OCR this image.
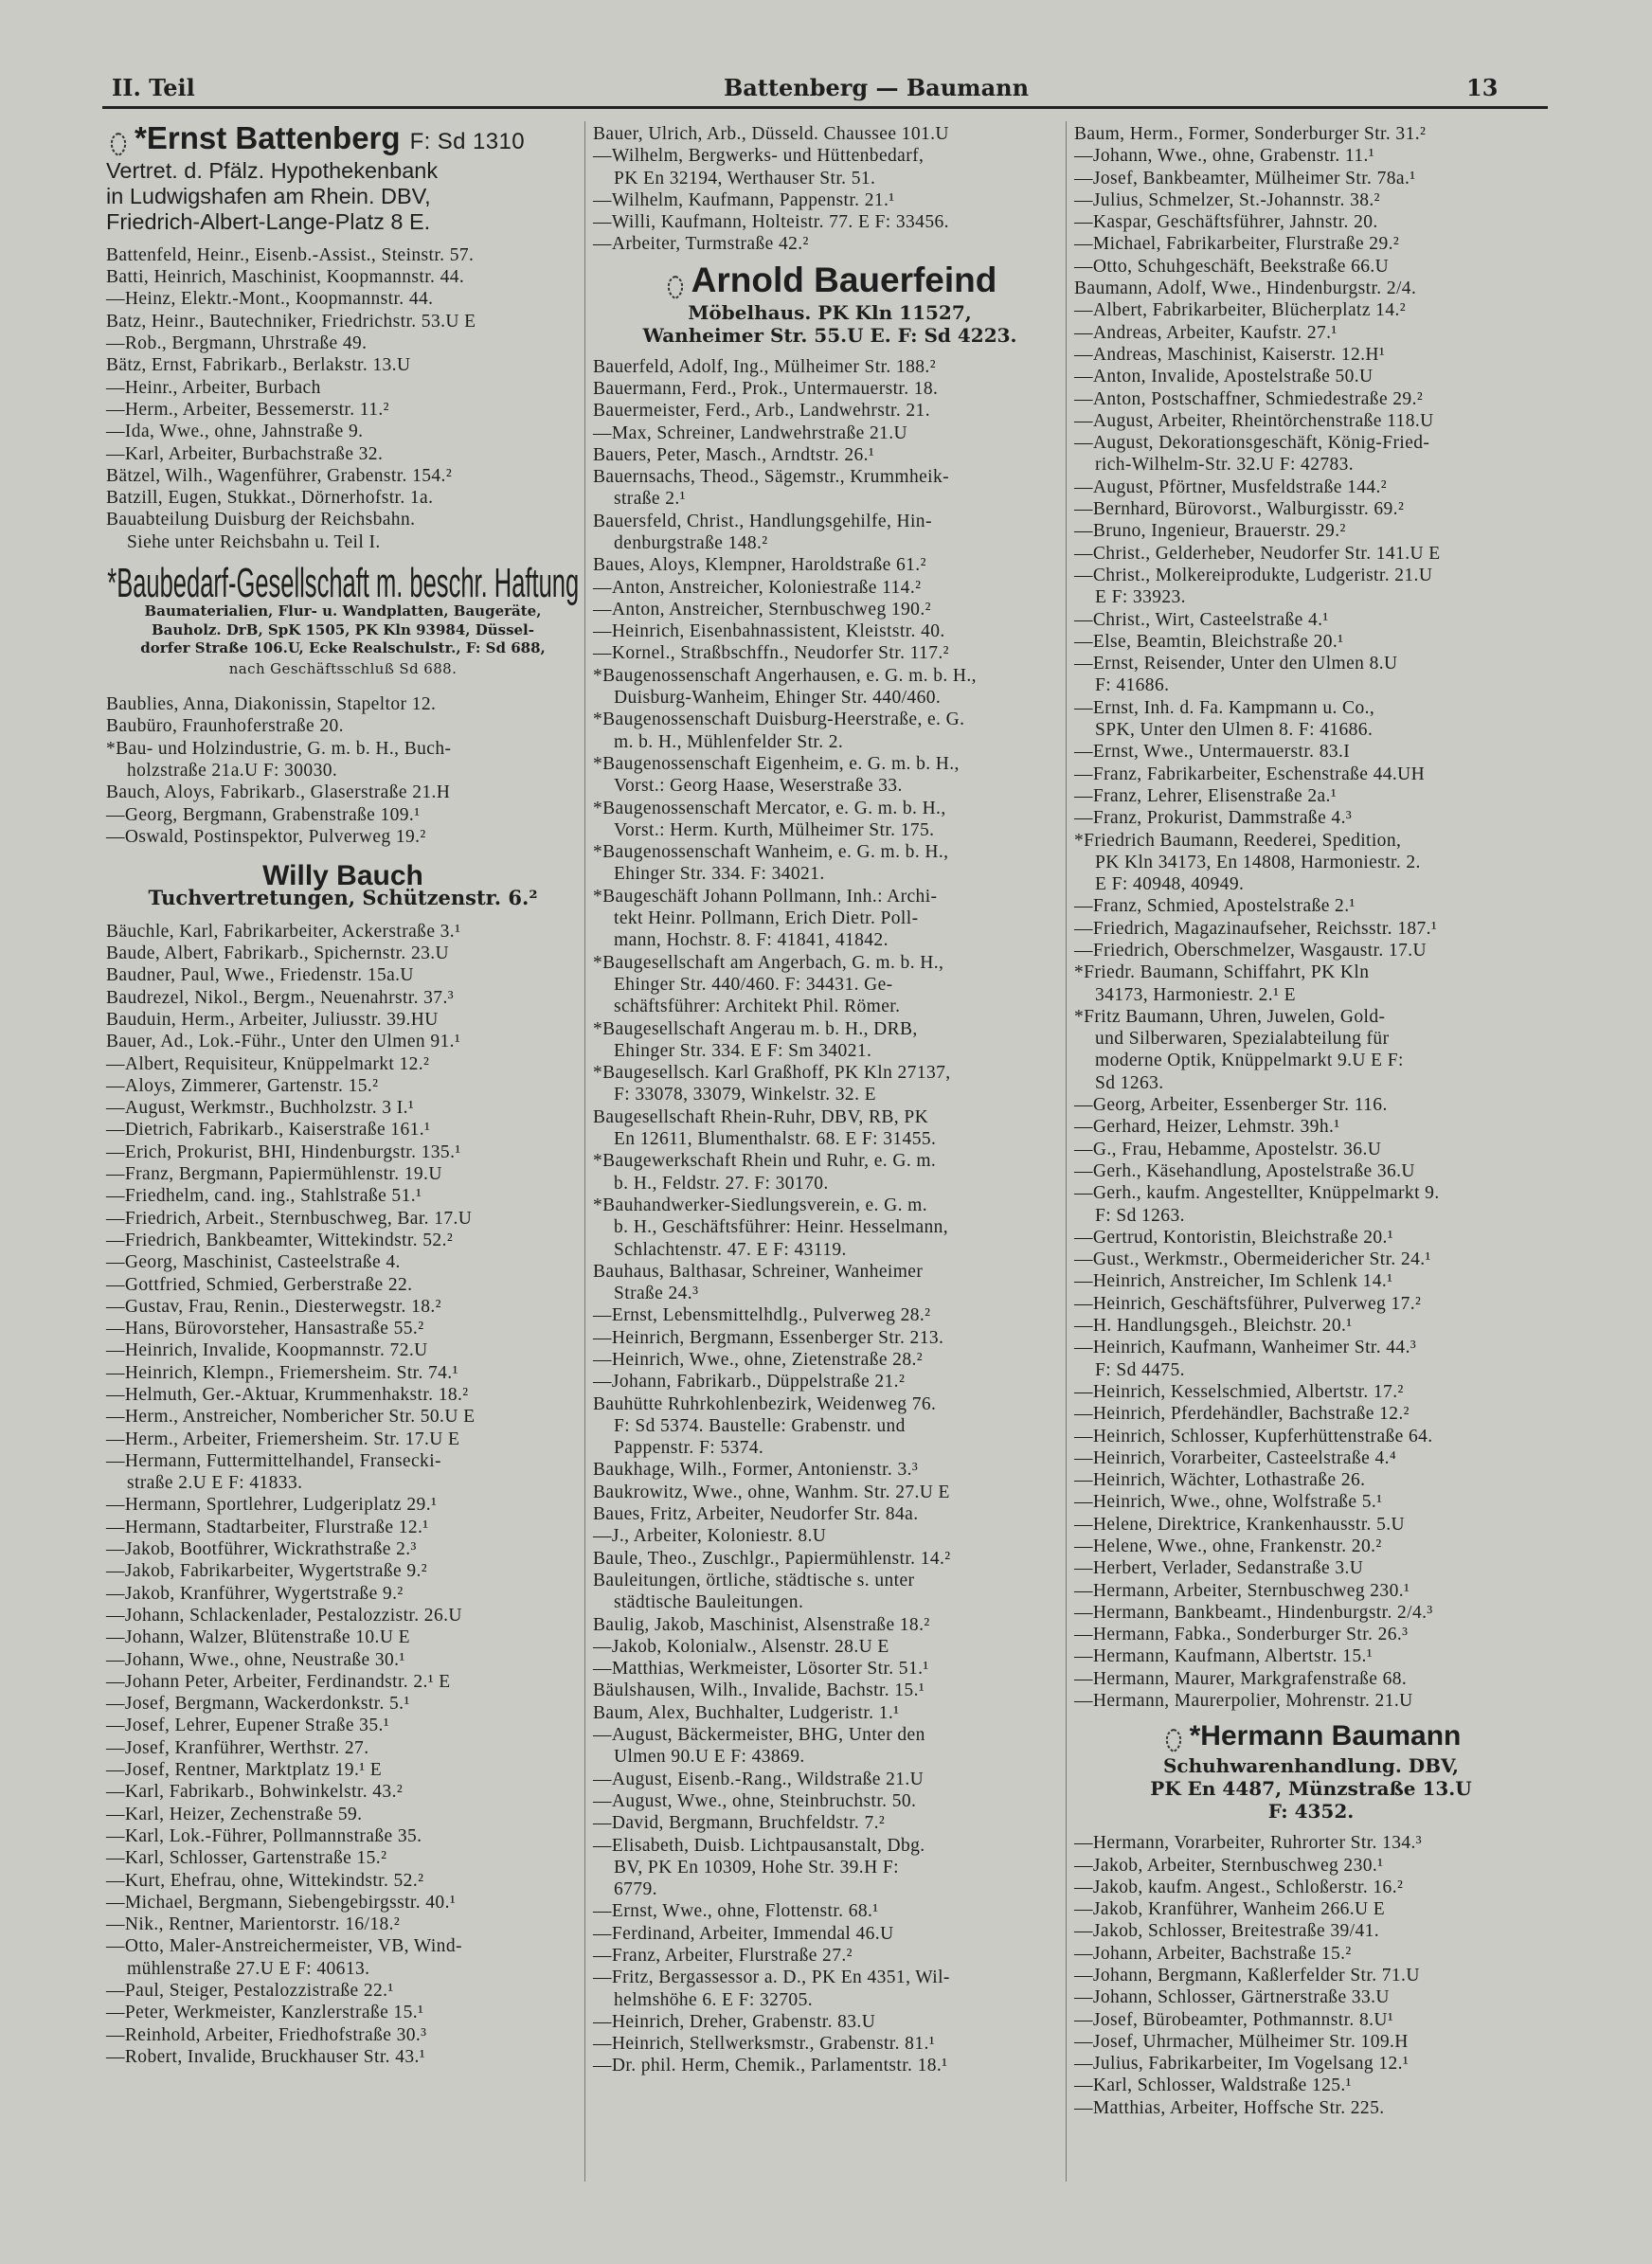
II. Teil	Battenberg — Baumann	13
*Ernst Battenberg F: Sd 1310
Vertret. d. Pfälz. Hypothekenbank
in Ludwigshafen am Rhein. DBV,
Friedrich-Albert-Lange-Platz 8 E.
Battenfeld, Heinr., Eisenb.-Assist., Steinstr. 57.
Batti, Heinrich, Maschinist, Koopmannstr. 44.
—Heinz, Elektr.-Mont., Koopmannstr. 44.
Batz, Heinr., Bautechniker, Friedrichstr. 53.U E
—Rob., Bergmann, Uhrstraße 49.
Bätz, Ernst, Fabrikarb., Berlakstr. 13.U
—Heinr., Arbeiter, Burbach
—Herm., Arbeiter, Bessemerstr. 11.²
—Ida, Wwe., ohne, Jahnstraße 9.
—Karl, Arbeiter, Burbachstraße 32.
Bätzel, Wilh., Wagenführer, Grabenstr. 154.²
Batzill, Eugen, Stukkat., Dörnerhofstr. 1a.
Bauabteilung Duisburg der Reichsbahn.
Siehe unter Reichsbahn u. Teil I.
*Baubedarf-Gesellschaft m. beschr. Haftung
Baumaterialien, Flur- u. Wandplatten, Baugeräte,
Bauholz. DrB, SpK 1505, PK Kln 93984, Düssel-
dorfer Straße 106.U, Ecke Realschulstr., F: Sd 688,
nach Geschäftsschluß Sd 688.
Baublies, Anna, Diakonissin, Stapeltor 12.
Baubüro, Fraunhoferstraße 20.
*Bau- und Holzindustrie, G. m. b. H., Buch-
holzstraße 21a.U F: 30030.
Bauch, Aloys, Fabrikarb., Glaserstraße 21.H
—Georg, Bergmann, Grabenstraße 109.¹
—Oswald, Postinspektor, Pulverweg 19.²
Willy Bauch
Tuchvertretungen, Schützenstr. 6.²
Bäuchle, Karl, Fabrikarbeiter, Ackerstraße 3.¹
Baude, Albert, Fabrikarb., Spichernstr. 23.U
Baudner, Paul, Wwe., Friedenstr. 15a.U
Baudrezel, Nikol., Bergm., Neuenahrstr. 37.³
Bauduin, Herm., Arbeiter, Juliusstr. 39.HU
Bauer, Ad., Lok.-Führ., Unter den Ulmen 91.¹
—Albert, Requisiteur, Knüppelmarkt 12.²
—Aloys, Zimmerer, Gartenstr. 15.²
—August, Werkmstr., Buchholzstr. 3 I.¹
—Dietrich, Fabrikarb., Kaiserstraße 161.¹
—Erich, Prokurist, BHI, Hindenburgstr. 135.¹
—Franz, Bergmann, Papiermühlenstr. 19.U
—Friedhelm, cand. ing., Stahlstraße 51.¹
—Friedrich, Arbeit., Sternbuschweg, Bar. 17.U
—Friedrich, Bankbeamter, Wittekindstr. 52.²
—Georg, Maschinist, Casteelstraße 4.
—Gottfried, Schmied, Gerberstraße 22.
—Gustav, Frau, Renin., Diesterwegstr. 18.²
—Hans, Bürovorsteher, Hansastraße 55.²
—Heinrich, Invalide, Koopmannstr. 72.U
—Heinrich, Klempn., Friemersheim. Str. 74.¹
—Helmuth, Ger.-Aktuar, Krummenhakstr. 18.²
—Herm., Anstreicher, Nombericher Str. 50.U E
—Herm., Arbeiter, Friemersheim. Str. 17.U E
—Hermann, Futtermittelhandel, Fransecki-
straße 2.U E F: 41833.
—Hermann, Sportlehrer, Ludgeriplatz 29.¹
—Hermann, Stadtarbeiter, Flurstraße 12.¹
—Jakob, Bootführer, Wickrathstraße 2.³
—Jakob, Fabrikarbeiter, Wygertstraße 9.²
—Jakob, Kranführer, Wygertstraße 9.²
—Johann, Schlackenlader, Pestalozzistr. 26.U
—Johann, Walzer, Blütenstraße 10.U E
—Johann, Wwe., ohne, Neustraße 30.¹
—Johann Peter, Arbeiter, Ferdinandstr. 2.¹ E
—Josef, Bergmann, Wackerdonkstr. 5.¹
—Josef, Lehrer, Eupener Straße 35.¹
—Josef, Kranführer, Werthstr. 27.
—Josef, Rentner, Marktplatz 19.¹ E
—Karl, Fabrikarb., Bohwinkelstr. 43.²
—Karl, Heizer, Zechenstraße 59.
—Karl, Lok.-Führer, Pollmannstraße 35.
—Karl, Schlosser, Gartenstraße 15.²
—Kurt, Ehefrau, ohne, Wittekindstr. 52.²
—Michael, Bergmann, Siebengebirgsstr. 40.¹
—Nik., Rentner, Marientorstr. 16/18.²
—Otto, Maler-Anstreichermeister, VB, Wind-
mühlenstraße 27.U E F: 40613.
—Paul, Steiger, Pestalozzistraße 22.¹
—Peter, Werkmeister, Kanzlerstraße 15.¹
—Reinhold, Arbeiter, Friedhofstraße 30.³
—Robert, Invalide, Bruckhauser Str. 43.¹
Bauer, Ulrich, Arb., Düsseld. Chaussee 101.U
—Wilhelm, Bergwerks- und Hüttenbedarf,
PK En 32194, Werthauser Str. 51.
—Wilhelm, Kaufmann, Pappenstr. 21.¹
—Willi, Kaufmann, Holteistr. 77. E F: 33456.
—Arbeiter, Turmstraße 42.²
Arnold Bauerfeind
Möbelhaus. PK Kln 11527,
Wanheimer Str. 55.U E. F: Sd 4223.
Bauerfeld, Adolf, Ing., Mülheimer Str. 188.²
Bauermann, Ferd., Prok., Untermauerstr. 18.
Bauermeister, Ferd., Arb., Landwehrstr. 21.
—Max, Schreiner, Landwehrstraße 21.U
Bauers, Peter, Masch., Arndtstr. 26.¹
Bauernsachs, Theod., Sägemstr., Krummheik-
straße 2.¹
Bauersfeld, Christ., Handlungsgehilfe, Hin-
denburgstraße 148.²
Baues, Aloys, Klempner, Haroldstraße 61.²
—Anton, Anstreicher, Koloniestraße 114.²
—Anton, Anstreicher, Sternbuschweg 190.²
—Heinrich, Eisenbahnassistent, Kleiststr. 40.
—Kornel., Straßbschffn., Neudorfer Str. 117.²
*Baugenossenschaft Angerhausen, e. G. m. b. H.,
Duisburg-Wanheim, Ehinger Str. 440/460.
*Baugenossenschaft Duisburg-Heerstraße, e. G.
m. b. H., Mühlenfelder Str. 2.
*Baugenossenschaft Eigenheim, e. G. m. b. H.,
Vorst.: Georg Haase, Weserstraße 33.
*Baugenossenschaft Mercator, e. G. m. b. H.,
Vorst.: Herm. Kurth, Mülheimer Str. 175.
*Baugenossenschaft Wanheim, e. G. m. b. H.,
Ehinger Str. 334. F: 34021.
*Baugeschäft Johann Pollmann, Inh.: Archi-
tekt Heinr. Pollmann, Erich Dietr. Poll-
mann, Hochstr. 8. F: 41841, 41842.
*Baugesellschaft am Angerbach, G. m. b. H.,
Ehinger Str. 440/460. F: 34431. Ge-
schäftsführer: Architekt Phil. Römer.
*Baugesellschaft Angerau m. b. H., DRB,
Ehinger Str. 334. E F: Sm 34021.
*Baugesellsch. Karl Graßhoff, PK Kln 27137,
F: 33078, 33079, Winkelstr. 32. E
Baugesellschaft Rhein-Ruhr, DBV, RB, PK
En 12611, Blumenthalstr. 68. E F: 31455.
*Baugewerkschaft Rhein und Ruhr, e. G. m.
b. H., Feldstr. 27. F: 30170.
*Bauhandwerker-Siedlungsverein, e. G. m.
b. H., Geschäftsführer: Heinr. Hesselmann,
Schlachtenstr. 47. E F: 43119.
Bauhaus, Balthasar, Schreiner, Wanheimer
Straße 24.³
—Ernst, Lebensmittelhdlg., Pulverweg 28.²
—Heinrich, Bergmann, Essenberger Str. 213.
—Heinrich, Wwe., ohne, Zietenstraße 28.²
—Johann, Fabrikarb., Düppelstraße 21.²
Bauhütte Ruhrkohlenbezirk, Weidenweg 76.
F: Sd 5374. Baustelle: Grabenstr. und
Pappenstr. F: 5374.
Baukhage, Wilh., Former, Antonienstr. 3.³
Baukrowitz, Wwe., ohne, Wanhm. Str. 27.U E
Baues, Fritz, Arbeiter, Neudorfer Str. 84a.
—J., Arbeiter, Koloniestr. 8.U
Baule, Theo., Zuschlgr., Papiermühlenstr. 14.²
Bauleitungen, örtliche, städtische s. unter
städtische Bauleitungen.
Baulig, Jakob, Maschinist, Alsenstraße 18.²
—Jakob, Kolonialw., Alsenstr. 28.U E
—Matthias, Werkmeister, Lösorter Str. 51.¹
Bäulshausen, Wilh., Invalide, Bachstr. 15.¹
Baum, Alex, Buchhalter, Ludgeristr. 1.¹
—August, Bäckermeister, BHG, Unter den
Ulmen 90.U E F: 43869.
—August, Eisenb.-Rang., Wildstraße 21.U
—August, Wwe., ohne, Steinbruchstr. 50.
—David, Bergmann, Bruchfeldstr. 7.²
—Elisabeth, Duisb. Lichtpausanstalt, Dbg.
BV, PK En 10309, Hohe Str. 39.H F:
6779.
—Ernst, Wwe., ohne, Flottenstr. 68.¹
—Ferdinand, Arbeiter, Immendal 46.U
—Franz, Arbeiter, Flurstraße 27.²
—Fritz, Bergassessor a. D., PK En 4351, Wil-
helmshöhe 6. E F: 32705.
—Heinrich, Dreher, Grabenstr. 83.U
—Heinrich, Stellwerksmstr., Grabenstr. 81.¹
—Dr. phil. Herm, Chemik., Parlamentstr. 18.¹
Baum, Herm., Former, Sonderburger Str. 31.²
—Johann, Wwe., ohne, Grabenstr. 11.¹
—Josef, Bankbeamter, Mülheimer Str. 78a.¹
—Julius, Schmelzer, St.-Johannstr. 38.²
—Kaspar, Geschäftsführer, Jahnstr. 20.
—Michael, Fabrikarbeiter, Flurstraße 29.²
—Otto, Schuhgeschäft, Beekstraße 66.U
Baumann, Adolf, Wwe., Hindenburgstr. 2/4.
—Albert, Fabrikarbeiter, Blücherplatz 14.²
—Andreas, Arbeiter, Kaufstr. 27.¹
—Andreas, Maschinist, Kaiserstr. 12.H¹
—Anton, Invalide, Apostelstraße 50.U
—Anton, Postschaffner, Schmiedestraße 29.²
—August, Arbeiter, Rheintörchenstraße 118.U
—August, Dekorationsgeschäft, König-Fried-
rich-Wilhelm-Str. 32.U F: 42783.
—August, Pförtner, Musfeldstraße 144.²
—Bernhard, Bürovorst., Walburgisstr. 69.²
—Bruno, Ingenieur, Brauerstr. 29.²
—Christ., Gelderheber, Neudorfer Str. 141.U E
—Christ., Molkereiprodukte, Ludgeristr. 21.U
E F: 33923.
—Christ., Wirt, Casteelstraße 4.¹
—Else, Beamtin, Bleichstraße 20.¹
—Ernst, Reisender, Unter den Ulmen 8.U
F: 41686.
—Ernst, Inh. d. Fa. Kampmann u. Co.,
SPK, Unter den Ulmen 8. F: 41686.
—Ernst, Wwe., Untermauerstr. 83.I
—Franz, Fabrikarbeiter, Eschenstraße 44.UH
—Franz, Lehrer, Elisenstraße 2a.¹
—Franz, Prokurist, Dammstraße 4.³
*Friedrich Baumann, Reederei, Spedition,
PK Kln 34173, En 14808, Harmoniestr. 2.
E F: 40948, 40949.
—Franz, Schmied, Apostelstraße 2.¹
—Friedrich, Magazinaufseher, Reichsstr. 187.¹
—Friedrich, Oberschmelzer, Wasgaustr. 17.U
*Friedr. Baumann, Schiffahrt, PK Kln
34173, Harmoniestr. 2.¹ E
*Fritz Baumann, Uhren, Juwelen, Gold-
und Silberwaren, Spezialabteilung für
moderne Optik, Knüppelmarkt 9.U E F:
Sd 1263.
—Georg, Arbeiter, Essenberger Str. 116.
—Gerhard, Heizer, Lehmstr. 39h.¹
—G., Frau, Hebamme, Apostelstr. 36.U
—Gerh., Käsehandlung, Apostelstraße 36.U
—Gerh., kaufm. Angestellter, Knüppelmarkt 9.
F: Sd 1263.
—Gertrud, Kontoristin, Bleichstraße 20.¹
—Gust., Werkmstr., Obermeidericher Str. 24.¹
—Heinrich, Anstreicher, Im Schlenk 14.¹
—Heinrich, Geschäftsführer, Pulverweg 17.²
—H. Handlungsgeh., Bleichstr. 20.¹
—Heinrich, Kaufmann, Wanheimer Str. 44.³
F: Sd 4475.
—Heinrich, Kesselschmied, Albertstr. 17.²
—Heinrich, Pferdehändler, Bachstraße 12.²
—Heinrich, Schlosser, Kupferhüttenstraße 64.
—Heinrich, Vorarbeiter, Casteelstraße 4.⁴
—Heinrich, Wächter, Lothastraße 26.
—Heinrich, Wwe., ohne, Wolfstraße 5.¹
—Helene, Direktrice, Krankenhausstr. 5.U
—Helene, Wwe., ohne, Frankenstr. 20.²
—Herbert, Verlader, Sedanstraße 3.U
—Hermann, Arbeiter, Sternbuschweg 230.¹
—Hermann, Bankbeamt., Hindenburgstr. 2/4.³
—Hermann, Fabka., Sonderburger Str. 26.³
—Hermann, Kaufmann, Albertstr. 15.¹
—Hermann, Maurer, Markgrafenstraße 68.
—Hermann, Maurerpolier, Mohrenstr. 21.U
*Hermann Baumann
Schuhwarenhandlung. DBV,
PK En 4487, Münzstraße 13.U
F: 4352.
—Hermann, Vorarbeiter, Ruhrorter Str. 134.³
—Jakob, Arbeiter, Sternbuschweg 230.¹
—Jakob, kaufm. Angest., Schloßerstr. 16.²
—Jakob, Kranführer, Wanheim 266.U E
—Jakob, Schlosser, Breitestraße 39/41.
—Johann, Arbeiter, Bachstraße 15.²
—Johann, Bergmann, Kaßlerfelder Str. 71.U
—Johann, Schlosser, Gärtnerstraße 33.U
—Josef, Bürobeamter, Pothmannstr. 8.U¹
—Josef, Uhrmacher, Mülheimer Str. 109.H
—Julius, Fabrikarbeiter, Im Vogelsang 12.¹
—Karl, Schlosser, Waldstraße 125.¹
—Matthias, Arbeiter, Hoffsche Str. 225.
